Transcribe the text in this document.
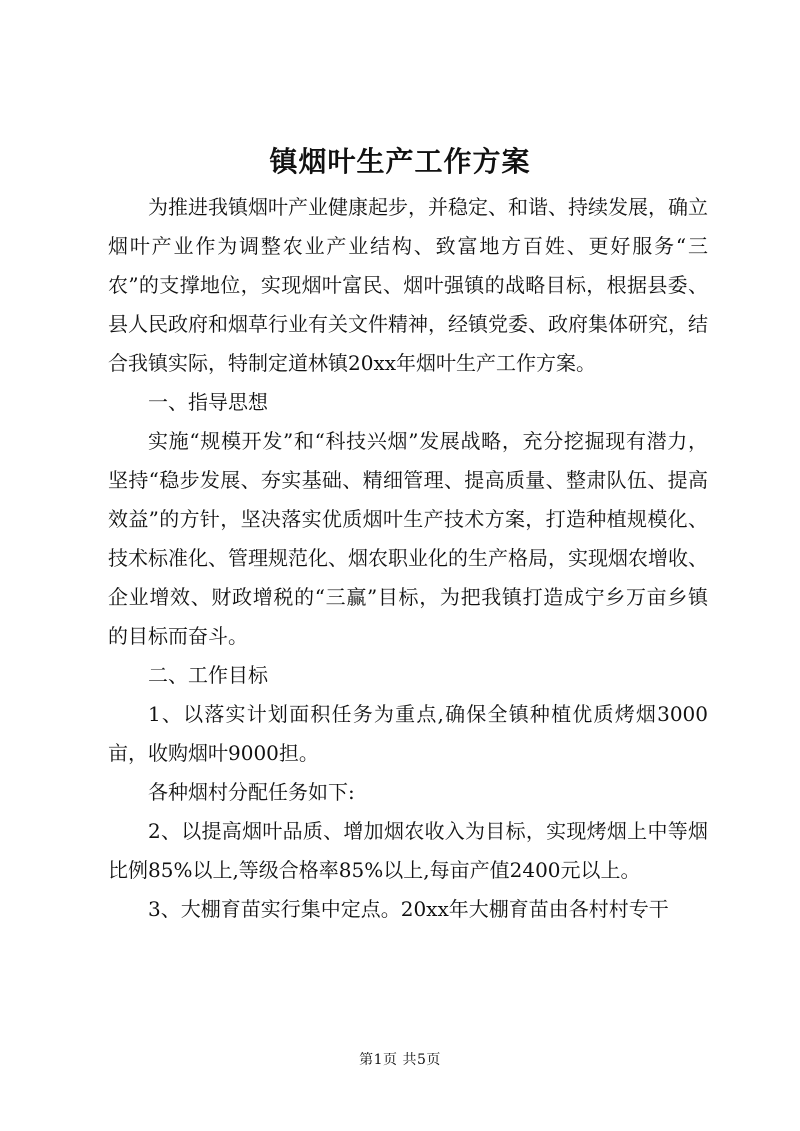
镇烟叶生产工作方案

为推进我镇烟叶产业健康起步，并稳定、和谐、持续发展，确立烟叶产业作为调整农业产业结构、致富地方百姓、更好服务“三农”的支撑地位，实现烟叶富民、烟叶强镇的战略目标，根据县委、县人民政府和烟草行业有关文件精神，经镇党委、政府集体研究，结合我镇实际，特制定道林镇20xx年烟叶生产工作方案。

一、指导思想

实施“规模开发”和“科技兴烟”发展战略，充分挖掘现有潜力，坚持“稳步发展、夯实基础、精细管理、提高质量、整肃队伍、提高效益”的方针，坚决落实优质烟叶生产技术方案，打造种植规模化、技术标准化、管理规范化、烟农职业化的生产格局，实现烟农增收、企业增效、财政增税的“三赢”目标，为把我镇打造成宁乡万亩乡镇的目标而奋斗。

二、工作目标

1、以落实计划面积任务为重点,确保全镇种植优质烤烟3000亩，收购烟叶9000担。

各种烟村分配任务如下:

2、以提高烟叶品质、增加烟农收入为目标，实现烤烟上中等烟比例85%以上,等级合格率85%以上,每亩产值2400元以上。

3、大棚育苗实行集中定点。20xx年大棚育苗由各村村专干

第1页 共5页
